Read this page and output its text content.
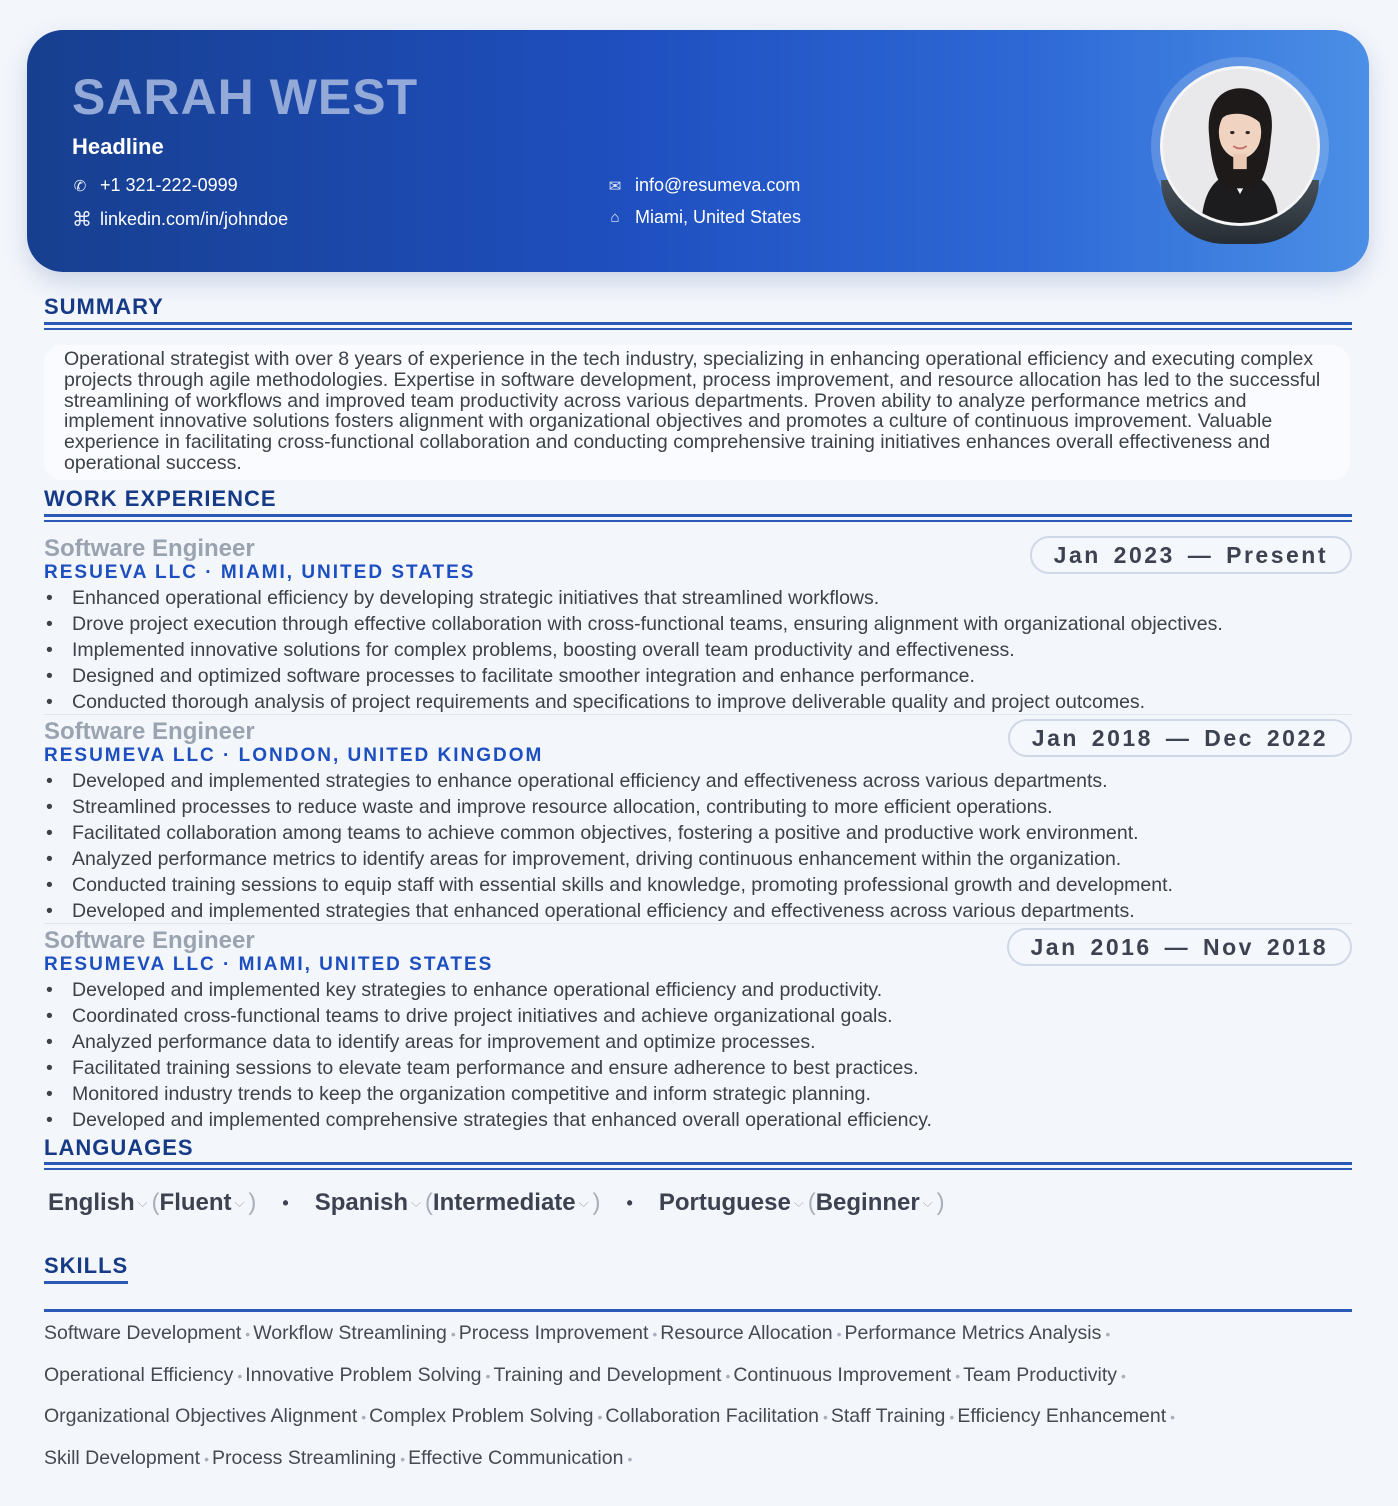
SARAH WEST
Headline
✆ +1 321-222-0999
⌘ linkedin.com/in/johndoe
✉ info@resumeva.com
⌂ Miami, United States
SUMMARY
Operational strategist with over 8 years of experience in the tech industry, specializing in enhancing operational efficiency and executing complex projects through agile methodologies. Expertise in software development, process improvement, and resource allocation has led to the successful streamlining of workflows and improved team productivity across various departments. Proven ability to analyze performance metrics and implement innovative solutions fosters alignment with organizational objectives and promotes a culture of continuous improvement. Valuable experience in facilitating cross-functional collaboration and conducting comprehensive training initiatives enhances overall effectiveness and operational success.
WORK EXPERIENCE
Software Engineer
RESUEVA LLC · MIAMI, UNITED STATES
Jan 2023 — Present
• Enhanced operational efficiency by developing strategic initiatives that streamlined workflows.
• Drove project execution through effective collaboration with cross-functional teams, ensuring alignment with organizational objectives.
• Implemented innovative solutions for complex problems, boosting overall team productivity and effectiveness.
• Designed and optimized software processes to facilitate smoother integration and enhance performance.
• Conducted thorough analysis of project requirements and specifications to improve deliverable quality and project outcomes.
Software Engineer
RESUMEVA LLC · LONDON, UNITED KINGDOM
Jan 2018 — Dec 2022
• Developed and implemented strategies to enhance operational efficiency and effectiveness across various departments.
• Streamlined processes to reduce waste and improve resource allocation, contributing to more efficient operations.
• Facilitated collaboration among teams to achieve common objectives, fostering a positive and productive work environment.
• Analyzed performance metrics to identify areas for improvement, driving continuous enhancement within the organization.
• Conducted training sessions to equip staff with essential skills and knowledge, promoting professional growth and development.
• Developed and implemented strategies that enhanced operational efficiency and effectiveness across various departments.
Software Engineer
RESUMEVA LLC · MIAMI, UNITED STATES
Jan 2016 — Nov 2018
• Developed and implemented key strategies to enhance operational efficiency and productivity.
• Coordinated cross-functional teams to drive project initiatives and achieve organizational goals.
• Analyzed performance data to identify areas for improvement and optimize processes.
• Facilitated training sessions to elevate team performance and ensure adherence to best practices.
• Monitored industry trends to keep the organization competitive and inform strategic planning.
• Developed and implemented comprehensive strategies that enhanced overall operational efficiency.
LANGUAGES
English ⌵ ( Fluent ⌵ ) • Spanish ⌵ ( Intermediate ⌵ ) • Portuguese ⌵ ( Beginner ⌵ )
SKILLS
Software Development • Workflow Streamlining • Process Improvement • Resource Allocation • Performance Metrics Analysis •
Operational Efficiency • Innovative Problem Solving • Training and Development • Continuous Improvement • Team Productivity •
Organizational Objectives Alignment • Complex Problem Solving • Collaboration Facilitation • Staff Training • Efficiency Enhancement •
Skill Development • Process Streamlining • Effective Communication •
